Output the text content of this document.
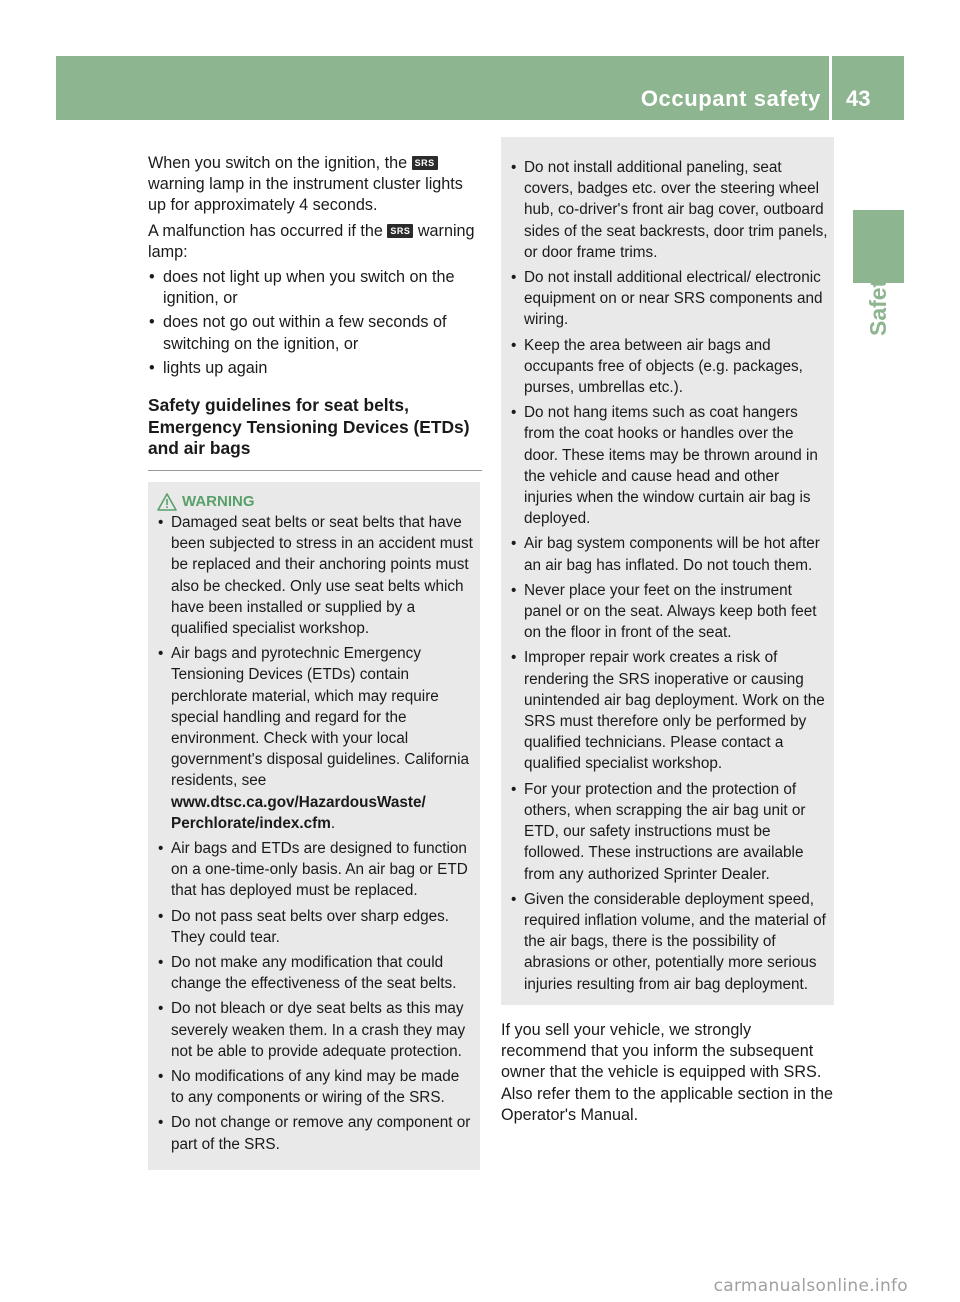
Occupant safety 43
Safety

When you switch on the ignition, the SRS warning lamp in the instrument cluster lights up for approximately 4 seconds.

A malfunction has occurred if the SRS warning lamp:

• does not light up when you switch on the ignition, or
• does not go out within a few seconds of switching on the ignition, or
• lights up again
Safety guidelines for seat belts, Emergency Tensioning Devices (ETDs) and air bags
WARNING
• Damaged seat belts or seat belts that have been subjected to stress in an accident must be replaced and their anchoring points must also be checked. Only use seat belts which have been installed or supplied by a qualified specialist workshop.
• Air bags and pyrotechnic Emergency Tensioning Devices (ETDs) contain perchlorate material, which may require special handling and regard for the environment. Check with your local government's disposal guidelines. California residents, see www.dtsc.ca.gov/HazardousWaste/ Perchlorate/index.cfm.
• Air bags and ETDs are designed to function on a one-time-only basis. An air bag or ETD that has deployed must be replaced.
• Do not pass seat belts over sharp edges. They could tear.
• Do not make any modification that could change the effectiveness of the seat belts.
• Do not bleach or dye seat belts as this may severely weaken them. In a crash they may not be able to provide adequate protection.
• No modifications of any kind may be made to any components or wiring of the SRS.
• Do not change or remove any component or part of the SRS.
• Do not install additional paneling, seat covers, badges etc. over the steering wheel hub, co-driver's front air bag cover, outboard sides of the seat backrests, door trim panels, or door frame trims.
• Do not install additional electrical/ electronic equipment on or near SRS components and wiring.
• Keep the area between air bags and occupants free of objects (e.g. packages, purses, umbrellas etc.).
• Do not hang items such as coat hangers from the coat hooks or handles over the door. These items may be thrown around in the vehicle and cause head and other injuries when the window curtain air bag is deployed.
• Air bag system components will be hot after an air bag has inflated. Do not touch them.
• Never place your feet on the instrument panel or on the seat. Always keep both feet on the floor in front of the seat.
• Improper repair work creates a risk of rendering the SRS inoperative or causing unintended air bag deployment. Work on the SRS must therefore only be performed by qualified technicians. Please contact a qualified specialist workshop.
• For your protection and the protection of others, when scrapping the air bag unit or ETD, our safety instructions must be followed. These instructions are available from any authorized Sprinter Dealer.
• Given the considerable deployment speed, required inflation volume, and the material of the air bags, there is the possibility of abrasions or other, potentially more serious injuries resulting from air bag deployment.

If you sell your vehicle, we strongly recommend that you inform the subsequent owner that the vehicle is equipped with SRS. Also refer them to the applicable section in the Operator's Manual.

carmanualsonline.info
